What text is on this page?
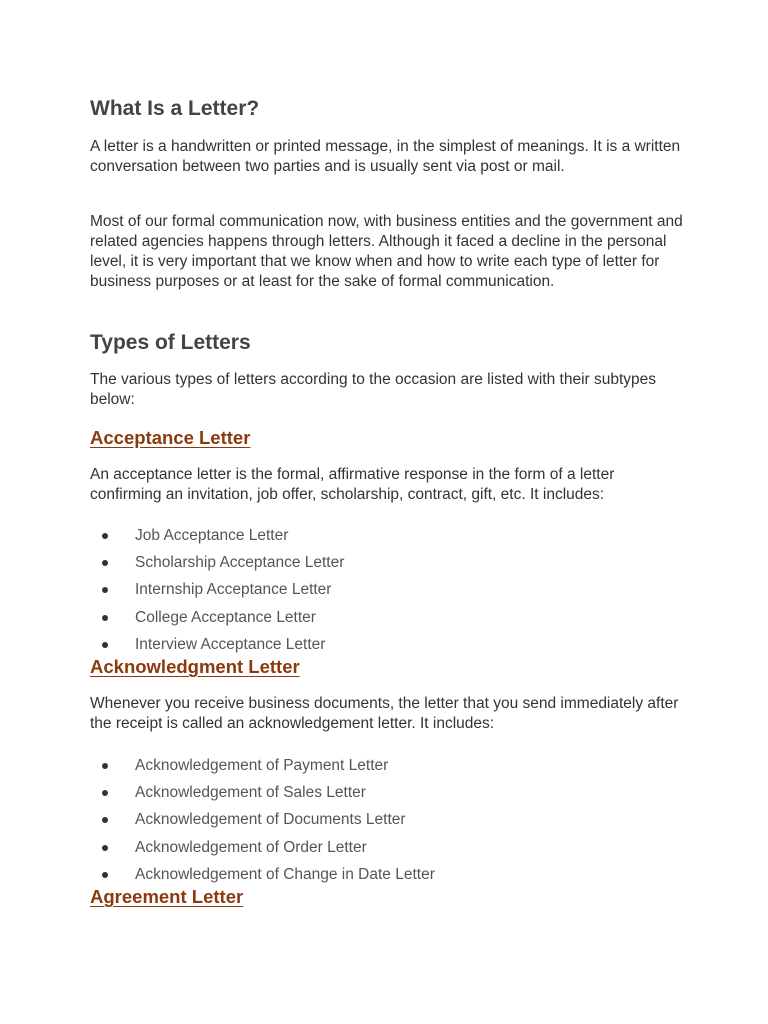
What Is a Letter?

A letter is a handwritten or printed message, in the simplest of meanings. It is a written conversation between two parties and is usually sent via post or mail.

Most of our formal communication now, with business entities and the government and related agencies happens through letters. Although it faced a decline in the personal level, it is very important that we know when and how to write each type of letter for business purposes or at least for the sake of formal communication.

Types of Letters

The various types of letters according to the occasion are listed with their subtypes below:

Acceptance Letter

An acceptance letter is the formal, affirmative response in the form of a letter confirming an invitation, job offer, scholarship, contract, gift, etc. It includes:

Job Acceptance Letter
Scholarship Acceptance Letter
Internship Acceptance Letter
College Acceptance Letter
Interview Acceptance Letter
Acknowledgment Letter

Whenever you receive business documents, the letter that you send immediately after the receipt is called an acknowledgement letter. It includes:

Acknowledgement of Payment Letter
Acknowledgement of Sales Letter
Acknowledgement of Documents Letter
Acknowledgement of Order Letter
Acknowledgement of Change in Date Letter
Agreement Letter
